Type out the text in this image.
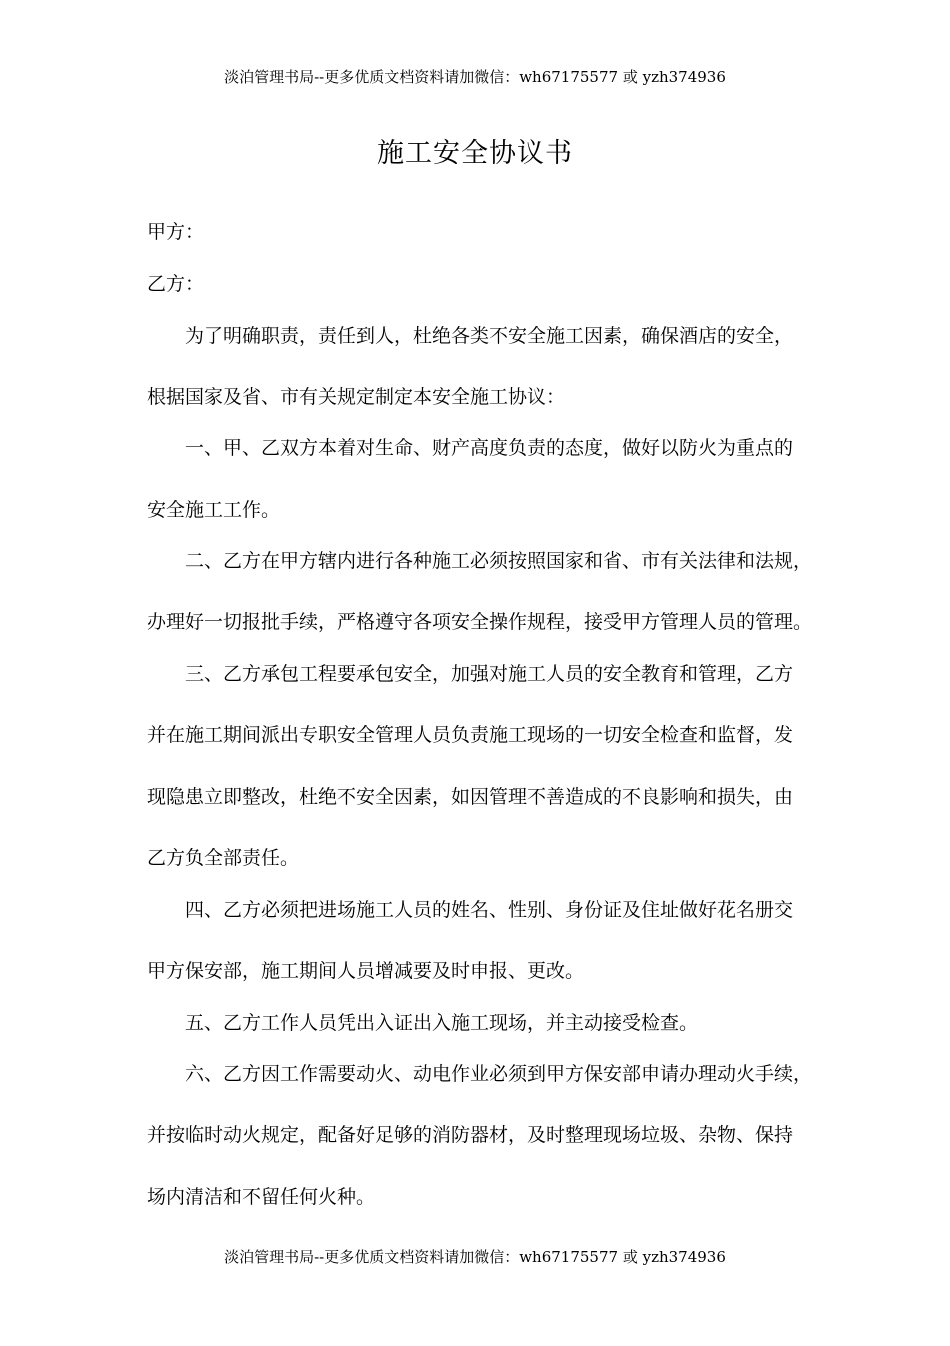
淡泊管理书局--更多优质文档资料请加微信：wh67175577 或 yzh374936
施工安全协议书
甲方：
乙方：
为了明确职责，责任到人，杜绝各类不安全施工因素，确保酒店的安全，
根据国家及省、市有关规定制定本安全施工协议：
一、甲、乙双方本着对生命、财产高度负责的态度，做好以防火为重点的
安全施工工作。
二、乙方在甲方辖内进行各种施工必须按照国家和省、市有关法律和法规，
办理好一切报批手续，严格遵守各项安全操作规程，接受甲方管理人员的管理。
三、乙方承包工程要承包安全，加强对施工人员的安全教育和管理，乙方
并在施工期间派出专职安全管理人员负责施工现场的一切安全检查和监督，发
现隐患立即整改，杜绝不安全因素，如因管理不善造成的不良影响和损失，由
乙方负全部责任。
四、乙方必须把进场施工人员的姓名、性别、身份证及住址做好花名册交
甲方保安部，施工期间人员增减要及时申报、更改。
五、乙方工作人员凭出入证出入施工现场，并主动接受检查。
六、乙方因工作需要动火、动电作业必须到甲方保安部申请办理动火手续，
并按临时动火规定，配备好足够的消防器材，及时整理现场垃圾、杂物、保持
场内清洁和不留任何火种。
淡泊管理书局--更多优质文档资料请加微信：wh67175577 或 yzh374936
